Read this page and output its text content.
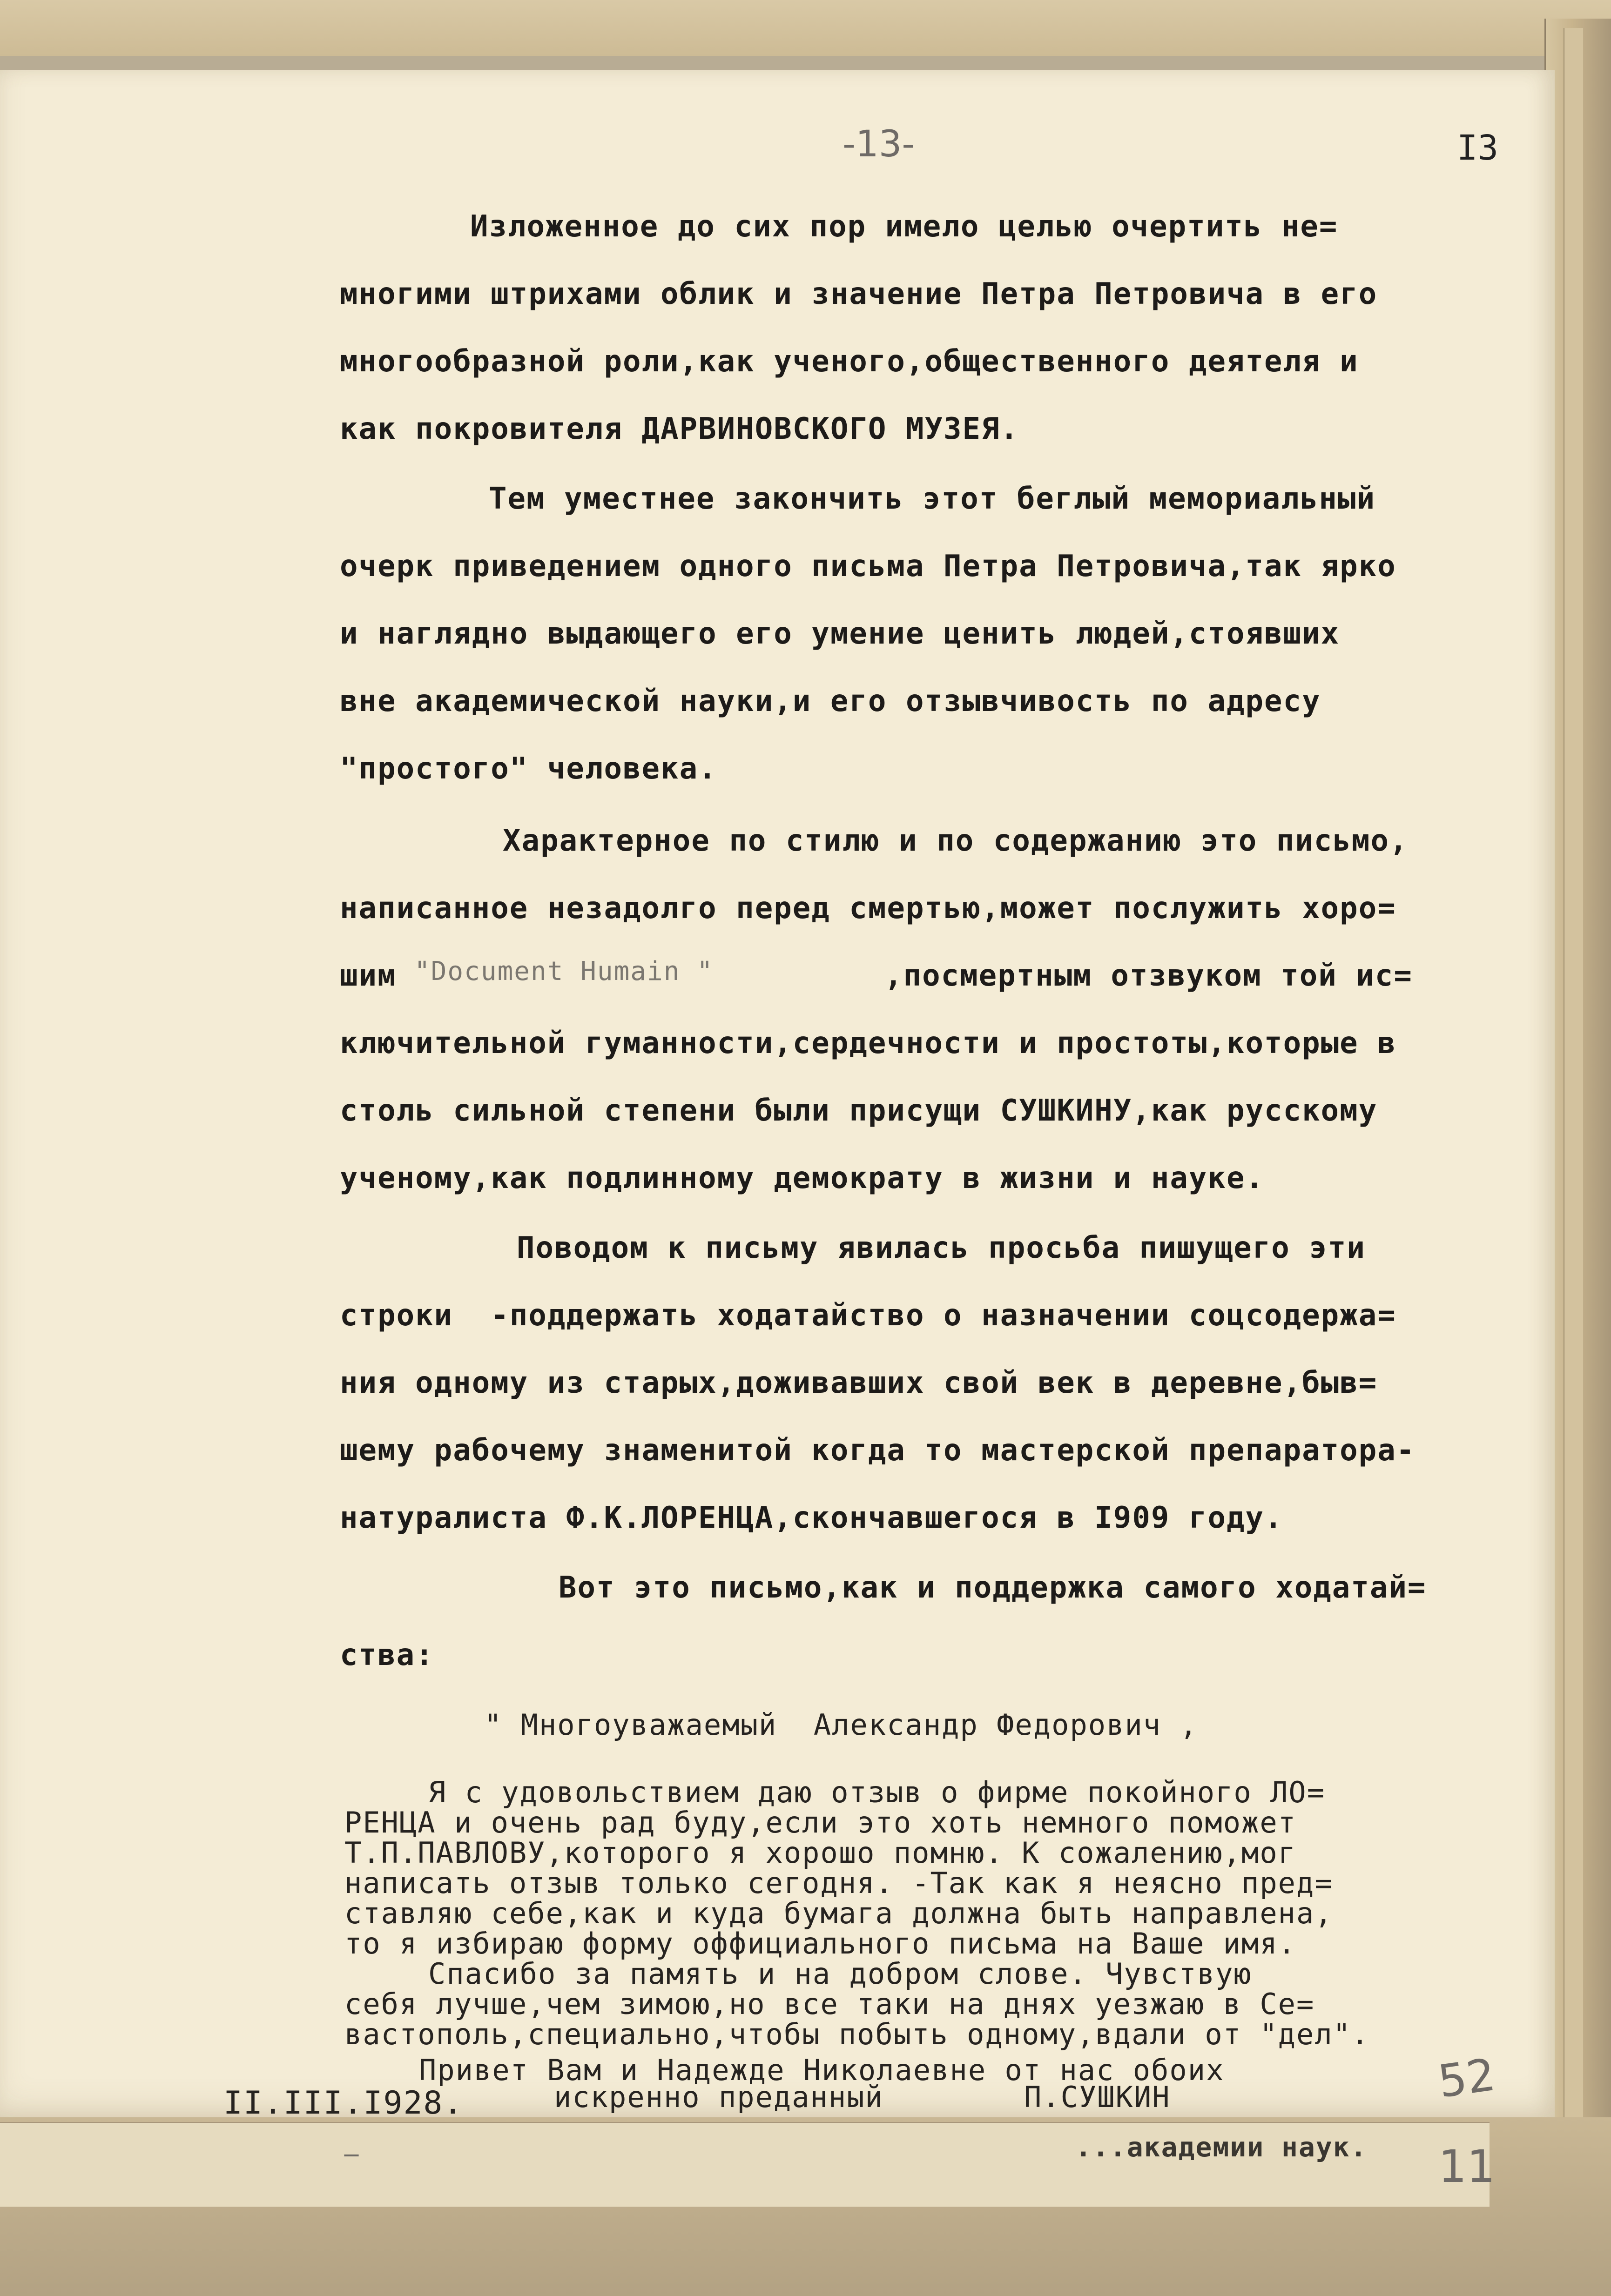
-13-	I3
Изложенное до сих пор имело целью очертить не=
многими штрихами облик и значение Петра Петровича в его
многообразной роли,как ученого,общественного деятеля и
как покровителя ДАРВИНОВСКОГО МУЗЕЯ.
Тем уместнее закончить этот беглый мемориальный
очерк приведением одного письма Петра Петровича,так ярко
и наглядно выдающего его умение ценить людей,стоявших
вне академической науки,и его отзывчивость по адресу
"простого" человека.
Характерное по стилю и по содержанию это письмо,
написанное незадолго перед смертью,может послужить хоро=
шим "Document Humain "	,посмертным отзвуком той ис=
ключительной гуманности,сердечности и простоты,которые в
столь сильной степени были присущи СУШКИНУ,как русскому
ученому,как подлинному демократу в жизни и науке.
Поводом к письму явилась просьба пишущего эти
строки  -поддержать ходатайство о назначении соцсодержа=
ния одному из старых,доживавших свой век в деревне,быв=
шему рабочему знаменитой когда то мастерской препаратора-
натуралиста Ф.К.ЛОРЕНЦА,скончавшегося в I909 году.
Вот это письмо,как и поддержка самого ходатай=
ства:
" Многоуважаемый  Александр Федорович ,
Я с удовольствием даю отзыв о фирме покойного ЛО=
РЕНЦА и очень рад буду,если это хоть немного поможет
Т.П.ПАВЛОВУ,которого я хорошо помню. К сожалению,мог
написать отзыв только сегодня. -Так как я неясно пред=
ставляю себе,как и куда бумага должна быть направлена,
то я избираю форму оффициального письма на Ваше имя.
Спасибо за память и на добром слове. Чувствую
себя лучше,чем зимою,но все таки на днях уезжаю в Се=
вастополь,специально,чтобы побыть одному,вдали от "дел".
Привет Вам и Надежде Николаевне от нас обоих
II.III.I928.	искренно преданный	П.СУШКИН	52
‾
...академии наук. 11
